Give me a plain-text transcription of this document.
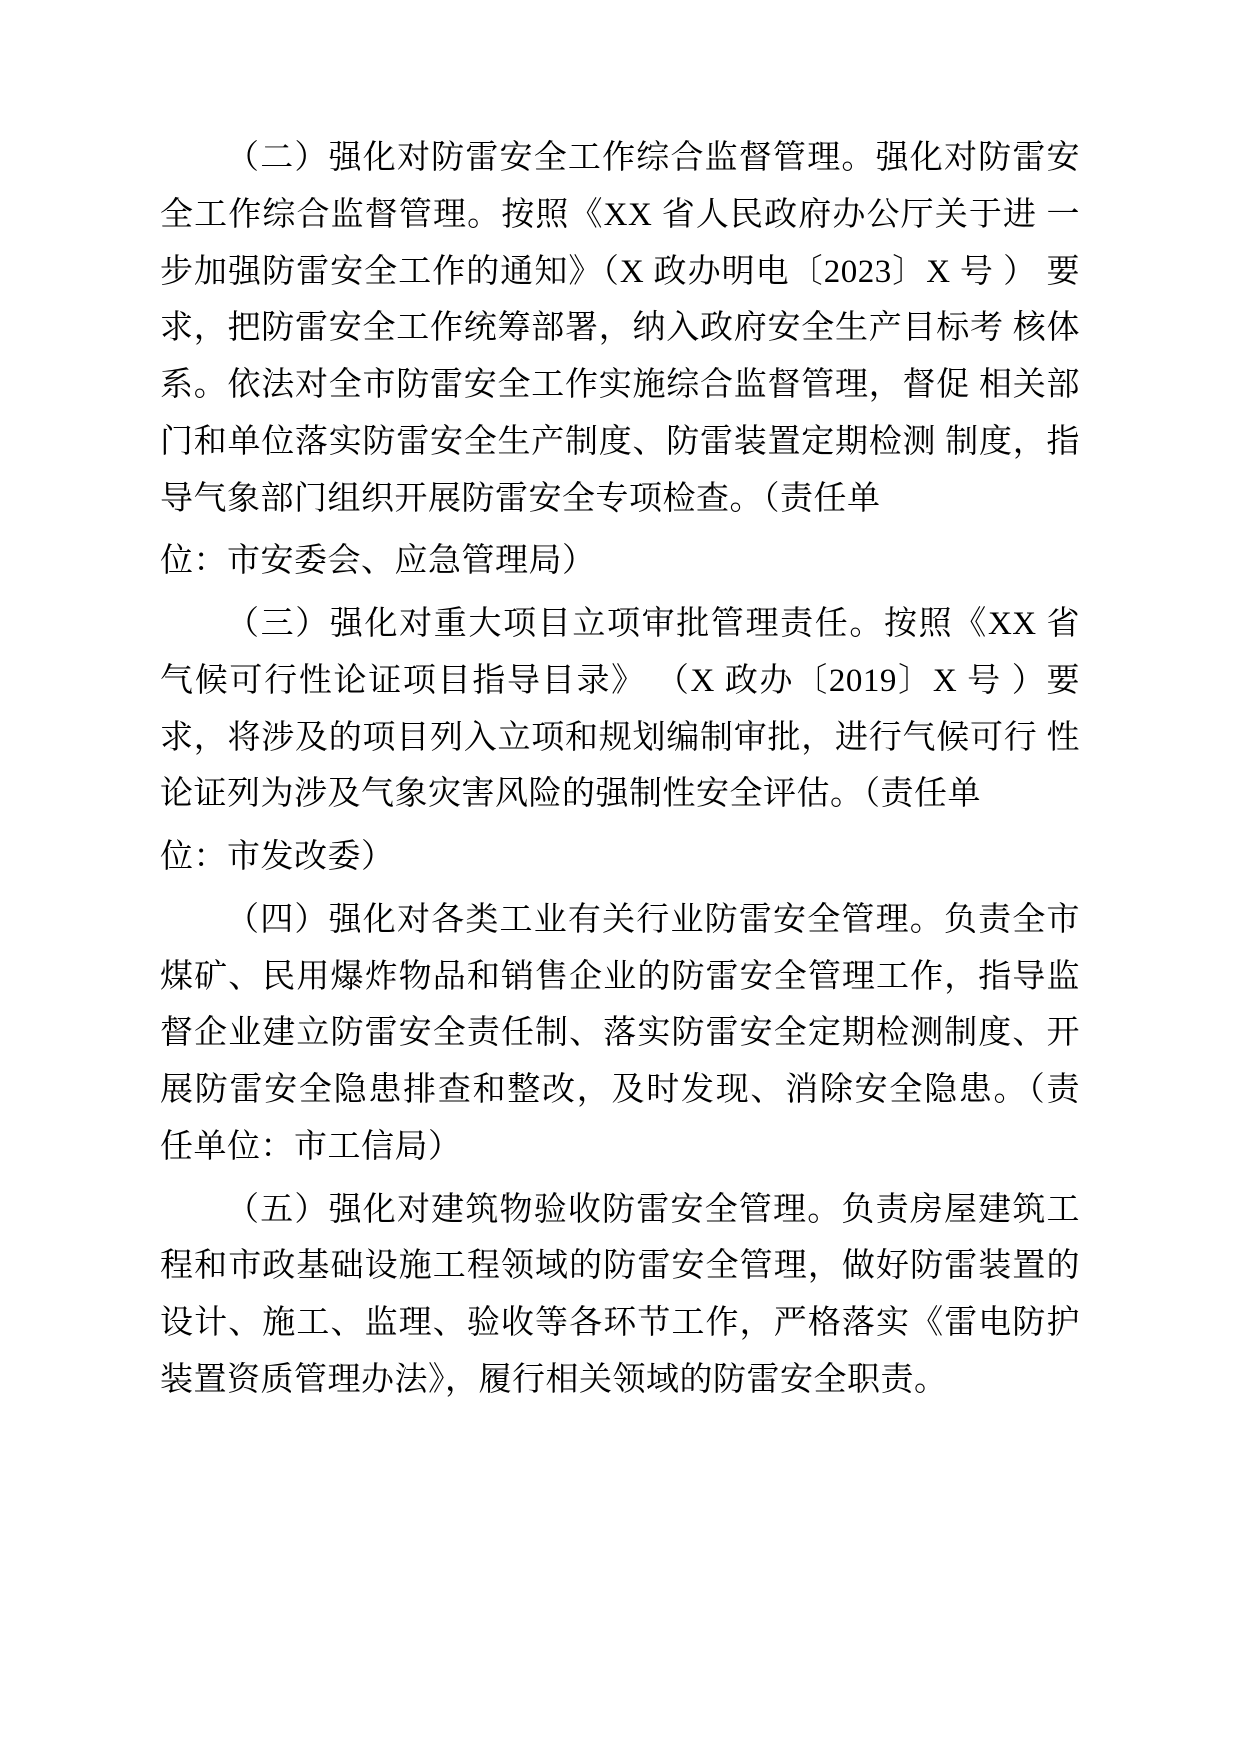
（二）强化对防雷安全工作综合监督管理。强化对防雷安全工作综合监督管理。按照《XX 省人民政府办公厅关于进 一步加强防雷安全工作的通知》（X 政办明电〔2023〕X 号 ） 要求，把防雷安全工作统筹部署，纳入政府安全生产目标考 核体系。依法对全市防雷安全工作实施综合监督管理，督促 相关部门和单位落实防雷安全生产制度、防雷装置定期检测 制度，指导气象部门组织开展防雷安全专项检查。（责任单

位：市安委会、应急管理局）

（三）强化对重大项目立项审批管理责任。按照《XX 省气候可行性论证项目指导目录》 （X 政办〔2019〕X 号 ）要 求，将涉及的项目列入立项和规划编制审批，进行气候可行 性论证列为涉及气象灾害风险的强制性安全评估。（责任单

位：市发改委）

（四）强化对各类工业有关行业防雷安全管理。负责全市煤矿、民用爆炸物品和销售企业的防雷安全管理工作，指导监督企业建立防雷安全责任制、落实防雷安全定期检测制度、开展防雷安全隐患排查和整改，及时发现、消除安全隐患。（责任单位：市工信局）

（五）强化对建筑物验收防雷安全管理。负责房屋建筑工程和市政基础设施工程领域的防雷安全管理，做好防雷装置的设计、施工、监理、验收等各环节工作，严格落实《雷电防护装置资质管理办法》，履行相关领域的防雷安全职责。
